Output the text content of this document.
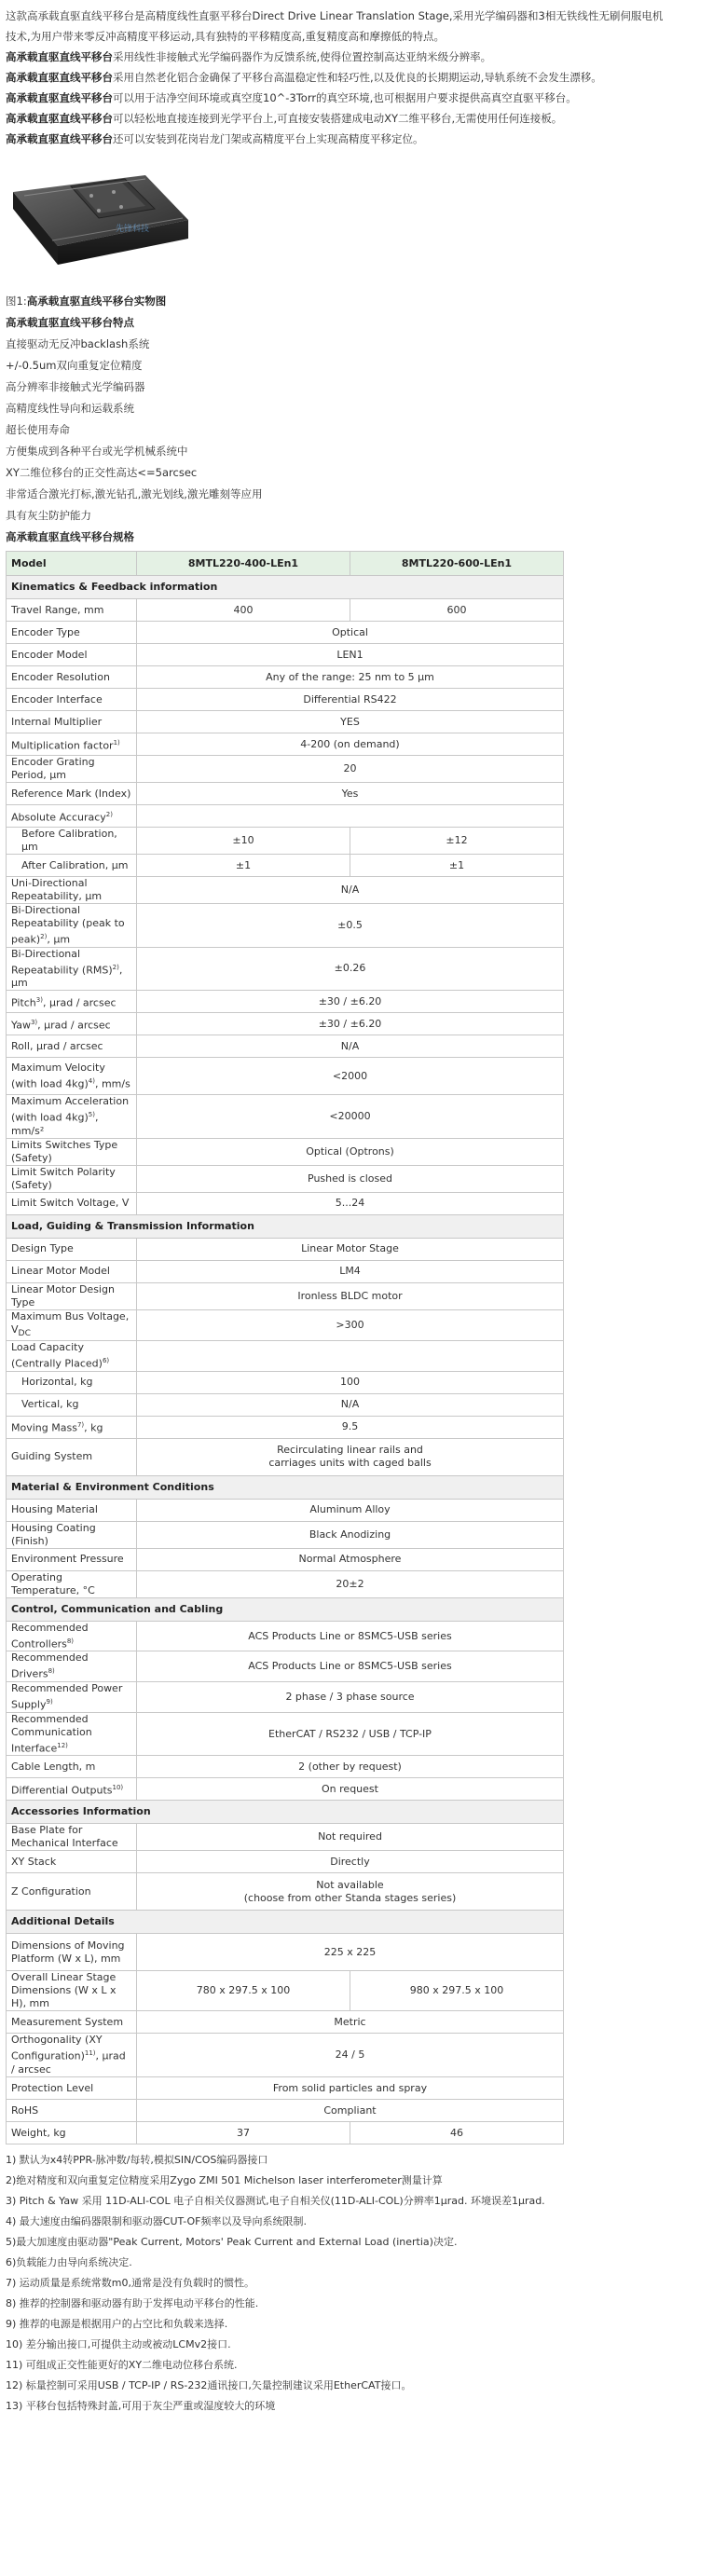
这款高承载直驱直线平移台是高精度线性直驱平移台Direct Drive Linear Translation Stage,采用光学编码器和3相无铁线性无刷伺服电机

技术,为用户带来零反冲高精度平移运动,具有独特的平移精度高,重复精度高和摩擦低的特点。

高承载直驱直线平移台采用线性非接触式光学编码器作为反馈系统,使得位置控制高达亚纳米级分辨率。

高承载直驱直线平移台采用自然老化铝合金确保了平移台高温稳定性和轻巧性,以及优良的长期期运动,导轨系统不会发生漂移。

高承载直驱直线平移台可以用于洁净空间环境或真空度10^-3Torr的真空环境,也可根据用户要求提供高真空直驱平移台。

高承载直驱直线平移台可以轻松地直接连接到光学平台上,可直接安装搭建成电动XY二维平移台,无需使用任何连接板。

高承载直驱直线平移台还可以安装到花岗岩龙门架或高精度平台上实现高精度平移定位。

先锋科技

图1:高承载直驱直线平移台实物图

高承载直驱直线平移台特点

直接驱动无反冲backlash系统

+/-0.5um双向重复定位精度

高分辨率非接触式光学编码器

高精度线性导向和运载系统

超长使用寿命

方便集成到各种平台或光学机械系统中

XY二维位移台的正交性高达<=5arcsec

非常适合激光打标,激光钻孔,激光划线,激光雕刻等应用

具有灰尘防护能力

高承载直驱直线平移台规格

Model	8MTL220-400-LEn1	8MTL220-600-LEn1
Kinematics & Feedback information		
Travel Range, mm	400	600
Encoder Type	Optical	
Encoder Model	LEN1	
Encoder Resolution	Any of the range: 25 nm to 5 µm	
Encoder Interface	Differential RS422	
Internal Multiplier	YES	
Multiplication factor$^{1)}$	4-200 (on demand)	
Encoder Grating Period, µm	20	
Reference Mark (Index)	Yes	
Absolute Accuracy$^{2)}$	
Before Calibration, µm	±10	±12
After Calibration, µm	±1	±1
Uni-Directional Repeatability, µm	N/A	
Bi-Directional Repeatability (peak to peak)$^{2)}$, µm	±0.5	
Bi-Directional Repeatability (RMS)$^{2)}$, µm	±0.26	
Pitch$^{3)}$, µrad / arcsec	±30 / ±6.20	
Yaw$^{3)}$, µrad / arcsec	±30 / ±6.20	
Roll, µrad / arcsec	N/A	
Maximum Velocity (with load 4kg)$^{4)}$, mm/s	<2000	
Maximum Acceleration (with load 4kg)$^{5)}$, mm/s²	<20000	
Limits Switches Type (Safety)	Optical (Optrons)	
Limit Switch Polarity (Safety)	Pushed is closed	
Limit Switch Voltage, V	5...24	
Load, Guiding & Transmission Information		
Design Type	Linear Motor Stage	
Linear Motor Model	LM4	
Linear Motor Design Type	Ironless BLDC motor	
Maximum Bus Voltage, $V_{DC}$	>300	
Load Capacity (Centrally Placed)$^{6)}$	
Horizontal, kg	100	
Vertical, kg	N/A	
Moving Mass$^{7)}$, kg	9.5	
Guiding System	Recirculating linear rails and
carriages units with caged balls	
Material & Environment Conditions		
Housing Material	Aluminum Alloy	
Housing Coating (Finish)	Black Anodizing	
Environment Pressure	Normal Atmosphere	
Operating Temperature, °C	20±2	
Control, Communication and Cabling		
Recommended Controllers$^{8)}$	ACS Products Line or 8SMC5-USB series	
Recommended Drivers$^{8)}$	ACS Products Line or 8SMC5-USB series	
Recommended Power Supply$^{9)}$	2 phase / 3 phase source	
Recommended Communication Interface$^{12)}$	EtherCAT / RS232 / USB / TCP-IP	
Cable Length, m	2 (other by request)	
Differential Outputs$^{10)}$	On request	
Accessories Information		
Base Plate for Mechanical Interface	Not required	
XY Stack	Directly	
Z Configuration	Not available
(choose from other Standa stages series)	
Additional Details		
Dimensions of Moving Platform (W x L), mm	225 x 225	
Overall Linear Stage Dimensions (W x L x H), mm	780 x 297.5 x 100	980 x 297.5 x 100
Measurement System	Metric	
Orthogonality (XY Configuration)$^{11)}$, µrad / arcsec	24 / 5	
Protection Level	From solid particles and spray	
RoHS	Compliant	
Weight, kg	37	46

1) 默认为x4转PPR-脉冲数/每转,模拟SIN/COS编码器接口

2)绝对精度和双向重复定位精度采用Zygo ZMI 501 Michelson laser interferometer测量计算

3) Pitch & Yaw 采用 11D-ALI-COL 电子自相关仪器测试,电子自相关仪(11D-ALI-COL)分辨率1µrad. 环境误差1µrad.

4) 最大速度由编码器限制和驱动器CUT-OF频率以及导向系统限制.

5)最大加速度由驱动器"Peak Current, Motors' Peak Current and External Load (inertia)决定.

6)负载能力由导向系统决定.

7) 运动质量是系统常数m0,通常是没有负载时的惯性。

8) 推荐的控制器和驱动器有助于发挥电动平移台的性能.

9) 推荐的电源是根据用户的占空比和负载来选择.

10) 差分输出接口,可提供主动或被动LCMv2接口.

11) 可组成正交性能更好的XY二维电动位移台系统.

12) 标量控制可采用USB / TCP-IP / RS-232通讯接口,矢量控制建议采用EtherCAT接口。

13) 平移台包括特殊封盖,可用于灰尘严重或湿度较大的环境
